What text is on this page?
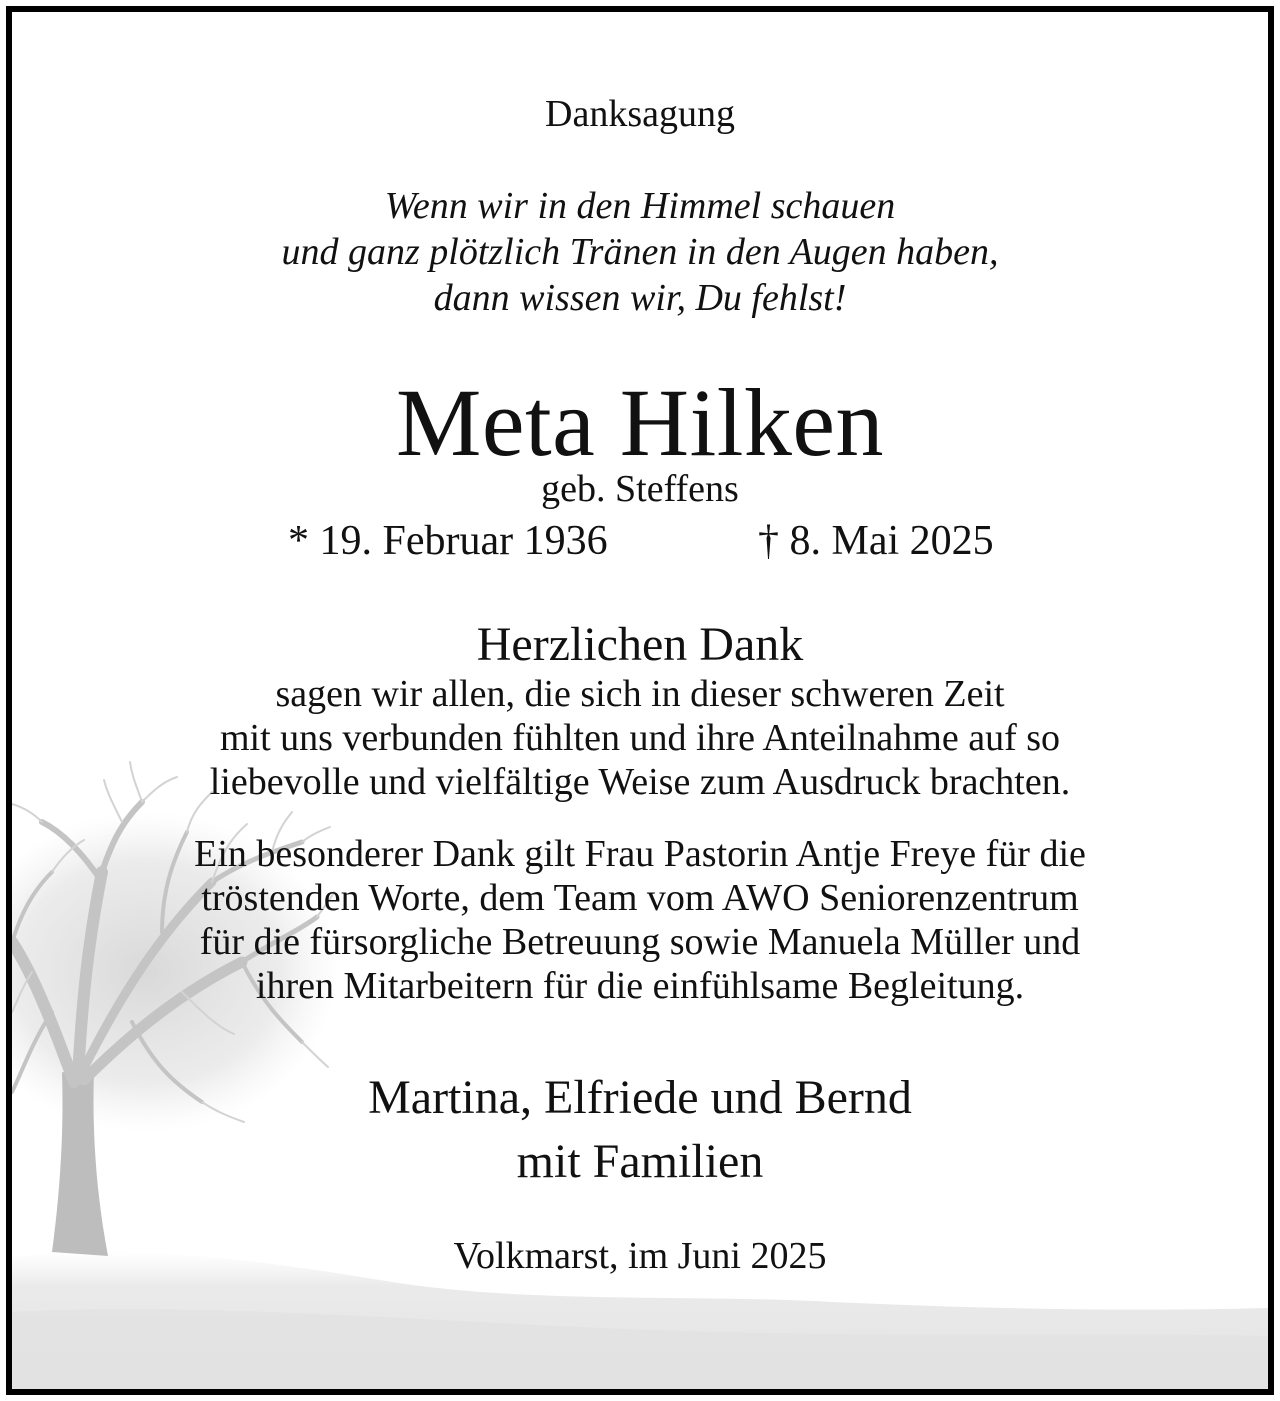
Danksagung
Wenn wir in den Himmel schauen
und ganz plötzlich Tränen in den Augen haben,
dann wissen wir, Du fehlst!
Meta Hilken
geb. Steffens
* 19. Februar 1936	† 8. Mai 2025
Herzlichen Dank
sagen wir allen, die sich in dieser schweren Zeit
mit uns verbunden fühlten und ihre Anteilnahme auf so
liebevolle und vielfältige Weise zum Ausdruck brachten.
Ein besonderer Dank gilt Frau Pastorin Antje Freye für die
tröstenden Worte, dem Team vom AWO Seniorenzentrum
für die fürsorgliche Betreuung sowie Manuela Müller und
ihren Mitarbeitern für die einfühlsame Begleitung.
Martina, Elfriede und Bernd
mit Familien
Volkmarst, im Juni 2025
